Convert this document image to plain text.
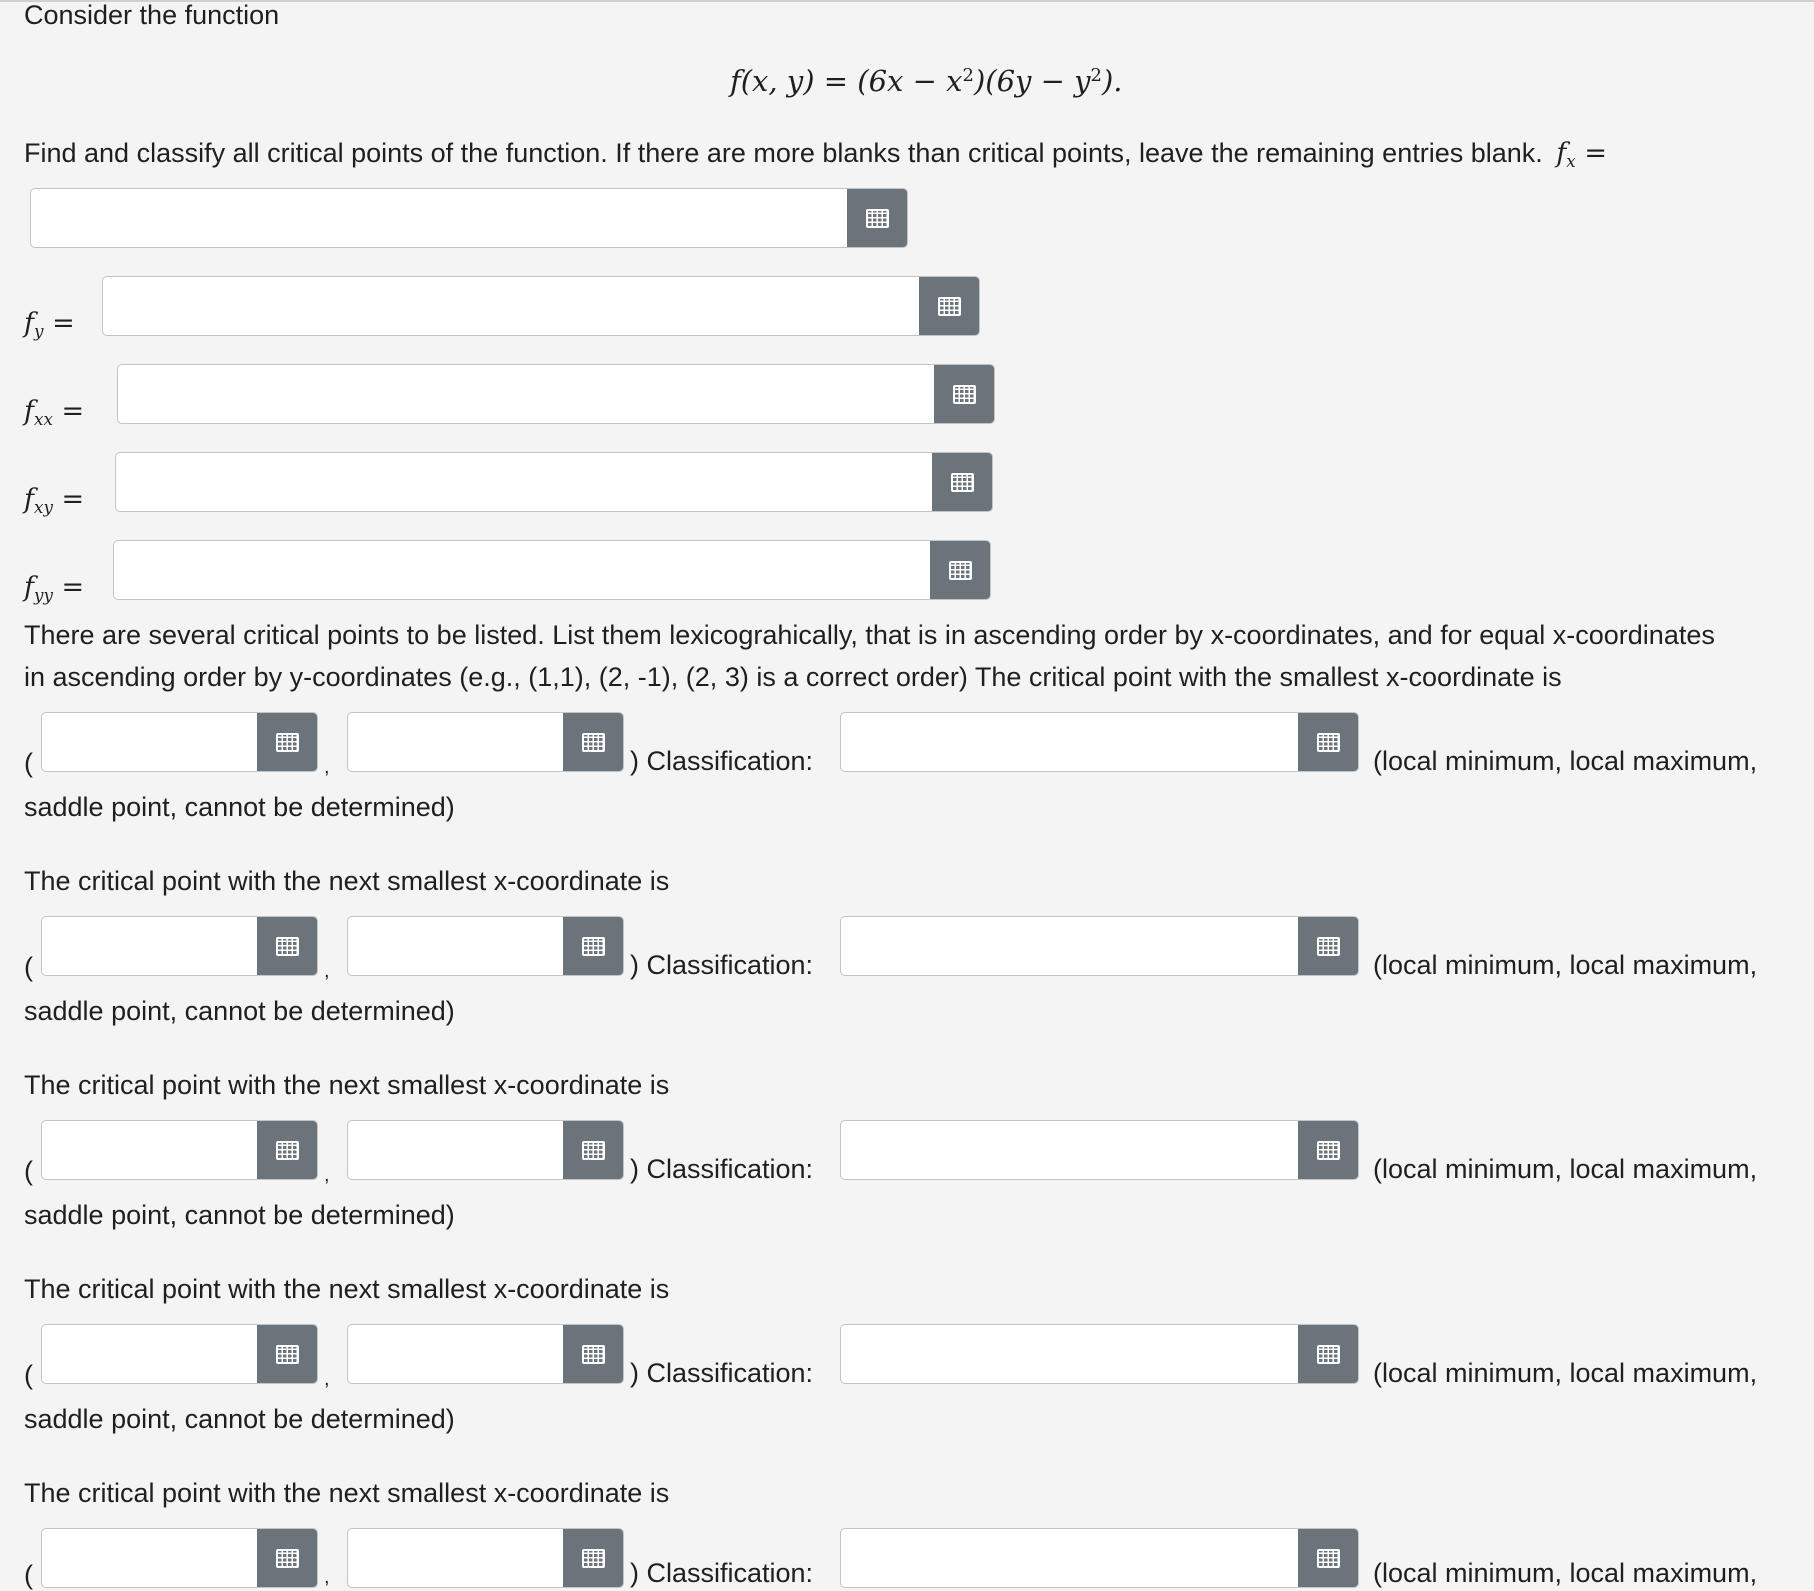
Consider the function
f(x, $y) = (6x - x^2)(6y - y^2)$.
Find and classify all critical points of the function. If there are more blanks than critical points, leave the remaining entries blank. $f_x$ =
$f_y$ =
$f_{xx}$ =
$f_{xy}$ =
$f_{yy}$ =
There are several critical points to be listed. List them lexicograhically, that is in ascending order by x-coordinates, and for equal x-coordinates
in ascending order by y-coordinates (e.g., (1,1), (2, -1), (2, 3) is a correct order) The critical point with the smallest x-coordinate is
(	,	) Classification:	(local minimum, local maximum,
saddle point, cannot be determined)
The critical point with the next smallest x-coordinate is
(	,	) Classification:	(local minimum, local maximum,
saddle point, cannot be determined)
The critical point with the next smallest x-coordinate is
(	,	) Classification:	(local minimum, local maximum,
saddle point, cannot be determined)
The critical point with the next smallest x-coordinate is
(	,	) Classification:	(local minimum, local maximum,
saddle point, cannot be determined)
The critical point with the next smallest x-coordinate is
(	,	) Classification:	(local minimum, local maximum,
